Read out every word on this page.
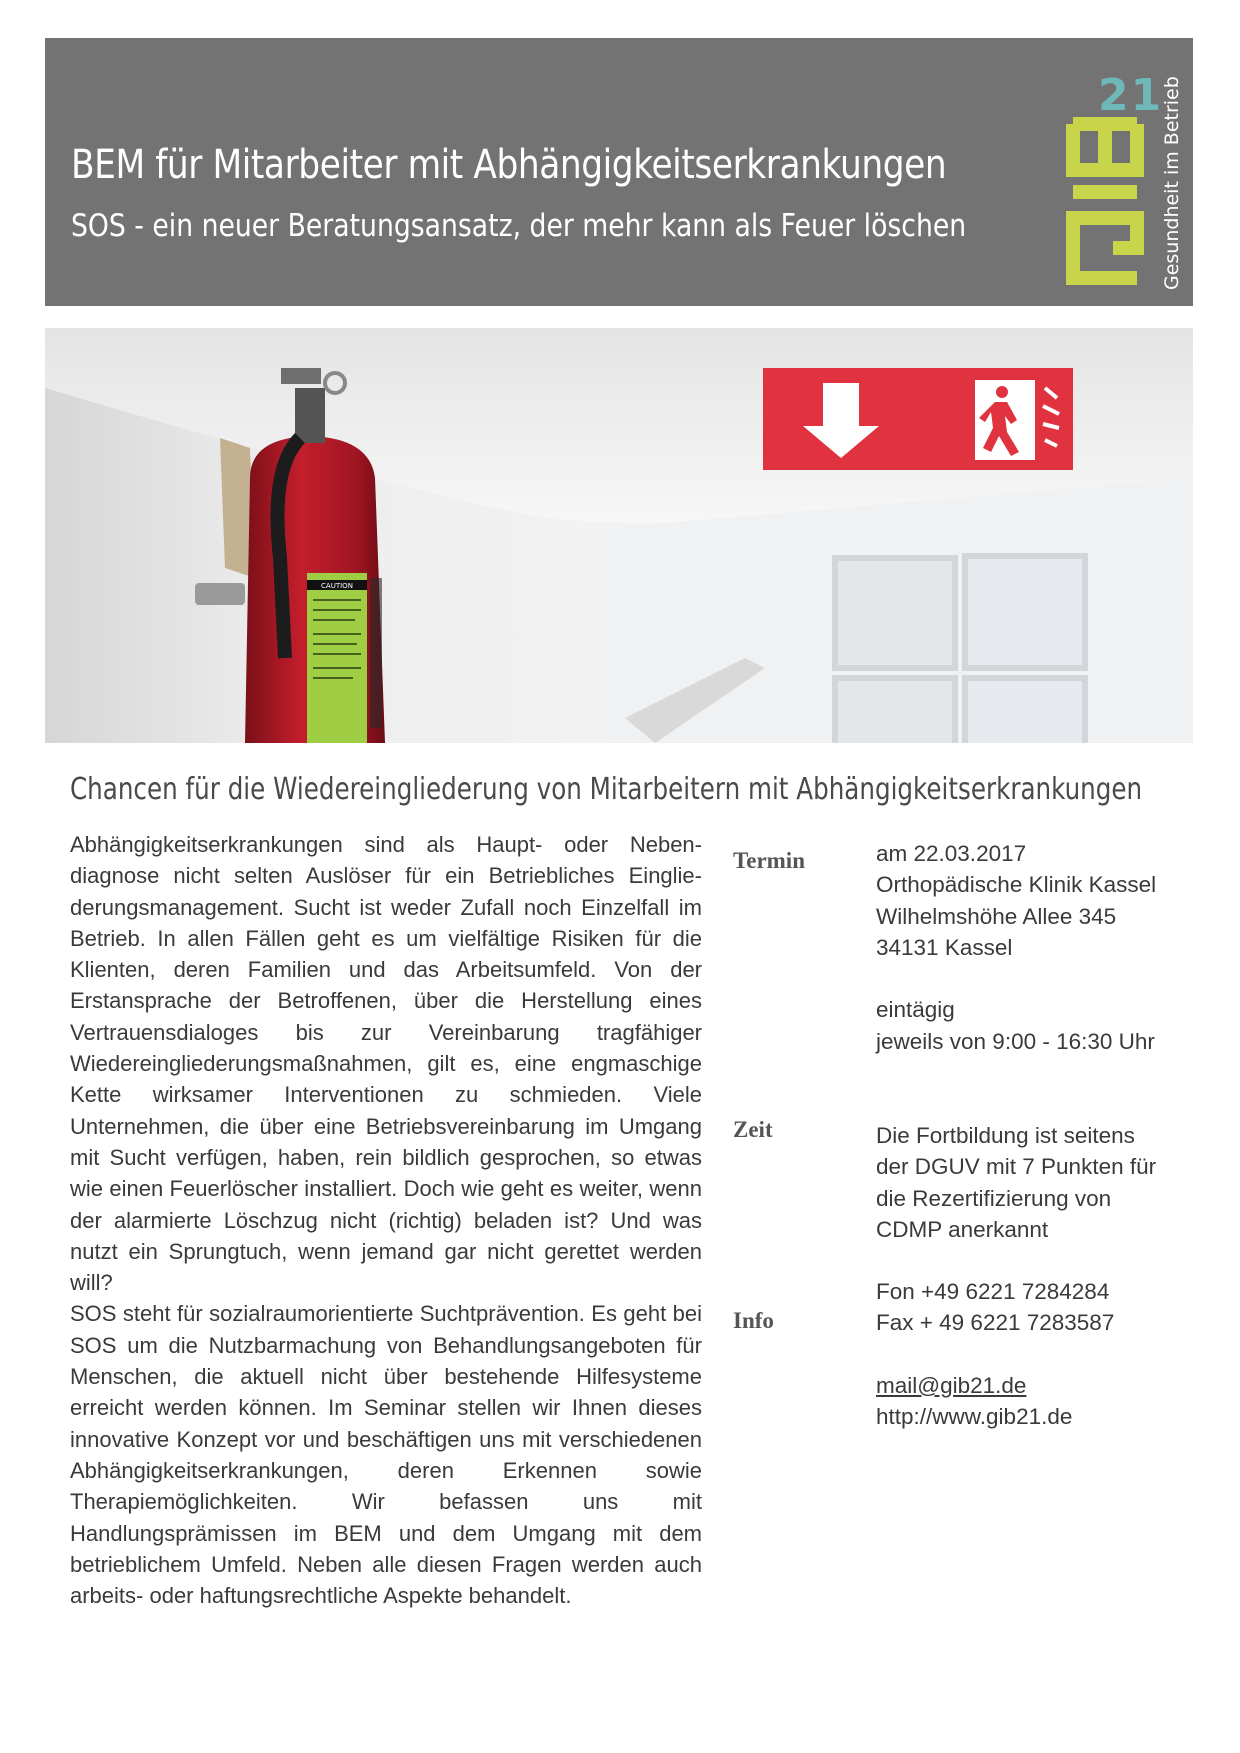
BEM für Mitarbeiter mit Abhängigkeitserkrankungen
SOS - ein neuer Beratungsansatz, der mehr kann als Feuer löschen
21
Gesundheit im Betrieb
CAUTION
Chancen für die Wiedereingliederung von Mitarbeitern mit Abhängigkeitserkrankungen

Abhängigkeitserkrankungen sind als Haupt- oder Nebendiagnose nicht selten Auslöser für ein Betriebliches Eingliederungsmanagement. Sucht ist weder Zufall noch Einzelfall im Betrieb. In allen Fällen geht es um vielfältige Risiken für die Klienten, deren Familien und das Arbeitsumfeld. Von der Erstansprache der Betroffenen, über die Herstellung eines Vertrauensdialoges bis zur Vereinbarung tragfähiger Wiedereingliederungsmaßnahmen, gilt es, eine engmaschige Kette wirksamer Interventionen zu schmieden. Viele Unternehmen, die über eine Betriebsvereinbarung im Umgang mit Sucht verfügen, haben, rein bildlich gesprochen, so etwas wie einen Feuerlöscher installiert. Doch wie geht es weiter, wenn der alarmierte Löschzug nicht (richtig) beladen ist? Und was nutzt ein Sprungtuch, wenn jemand gar nicht gerettet werden will?

SOS steht für sozialraumorientierte Suchtprävention. Es geht bei SOS um die Nutzbarmachung von Behandlungsangeboten für Menschen, die aktuell nicht über bestehende Hilfesysteme erreicht werden können. Im Seminar stellen wir Ihnen dieses innovative Konzept vor und beschäftigen uns mit verschiedenen Abhängigkeitserkrankungen, deren Erkennen sowie Therapiemöglichkeiten. Wir befassen uns mit Handlungsprämissen im BEM und dem Umgang mit dem betrieblichem Umfeld. Neben alle diesen Fragen werden auch arbeits- oder haftungsrechtliche Aspekte behandelt.

Termin	am 22.03.2017
Orthopädische Klinik Kassel
Wilhelmshöhe Allee 345
34131 Kassel
eintägig
jeweils von 9:00 - 16:30 Uhr
Zeit	Die Fortbildung ist seitens
der DGUV mit 7 Punkten für
die Rezertifizierung von
CDMP anerkannt
Info
Fon +49 6221 7284284
Fax + 49 6221 7283587
mail@gib21.de
http://www.gib21.de
